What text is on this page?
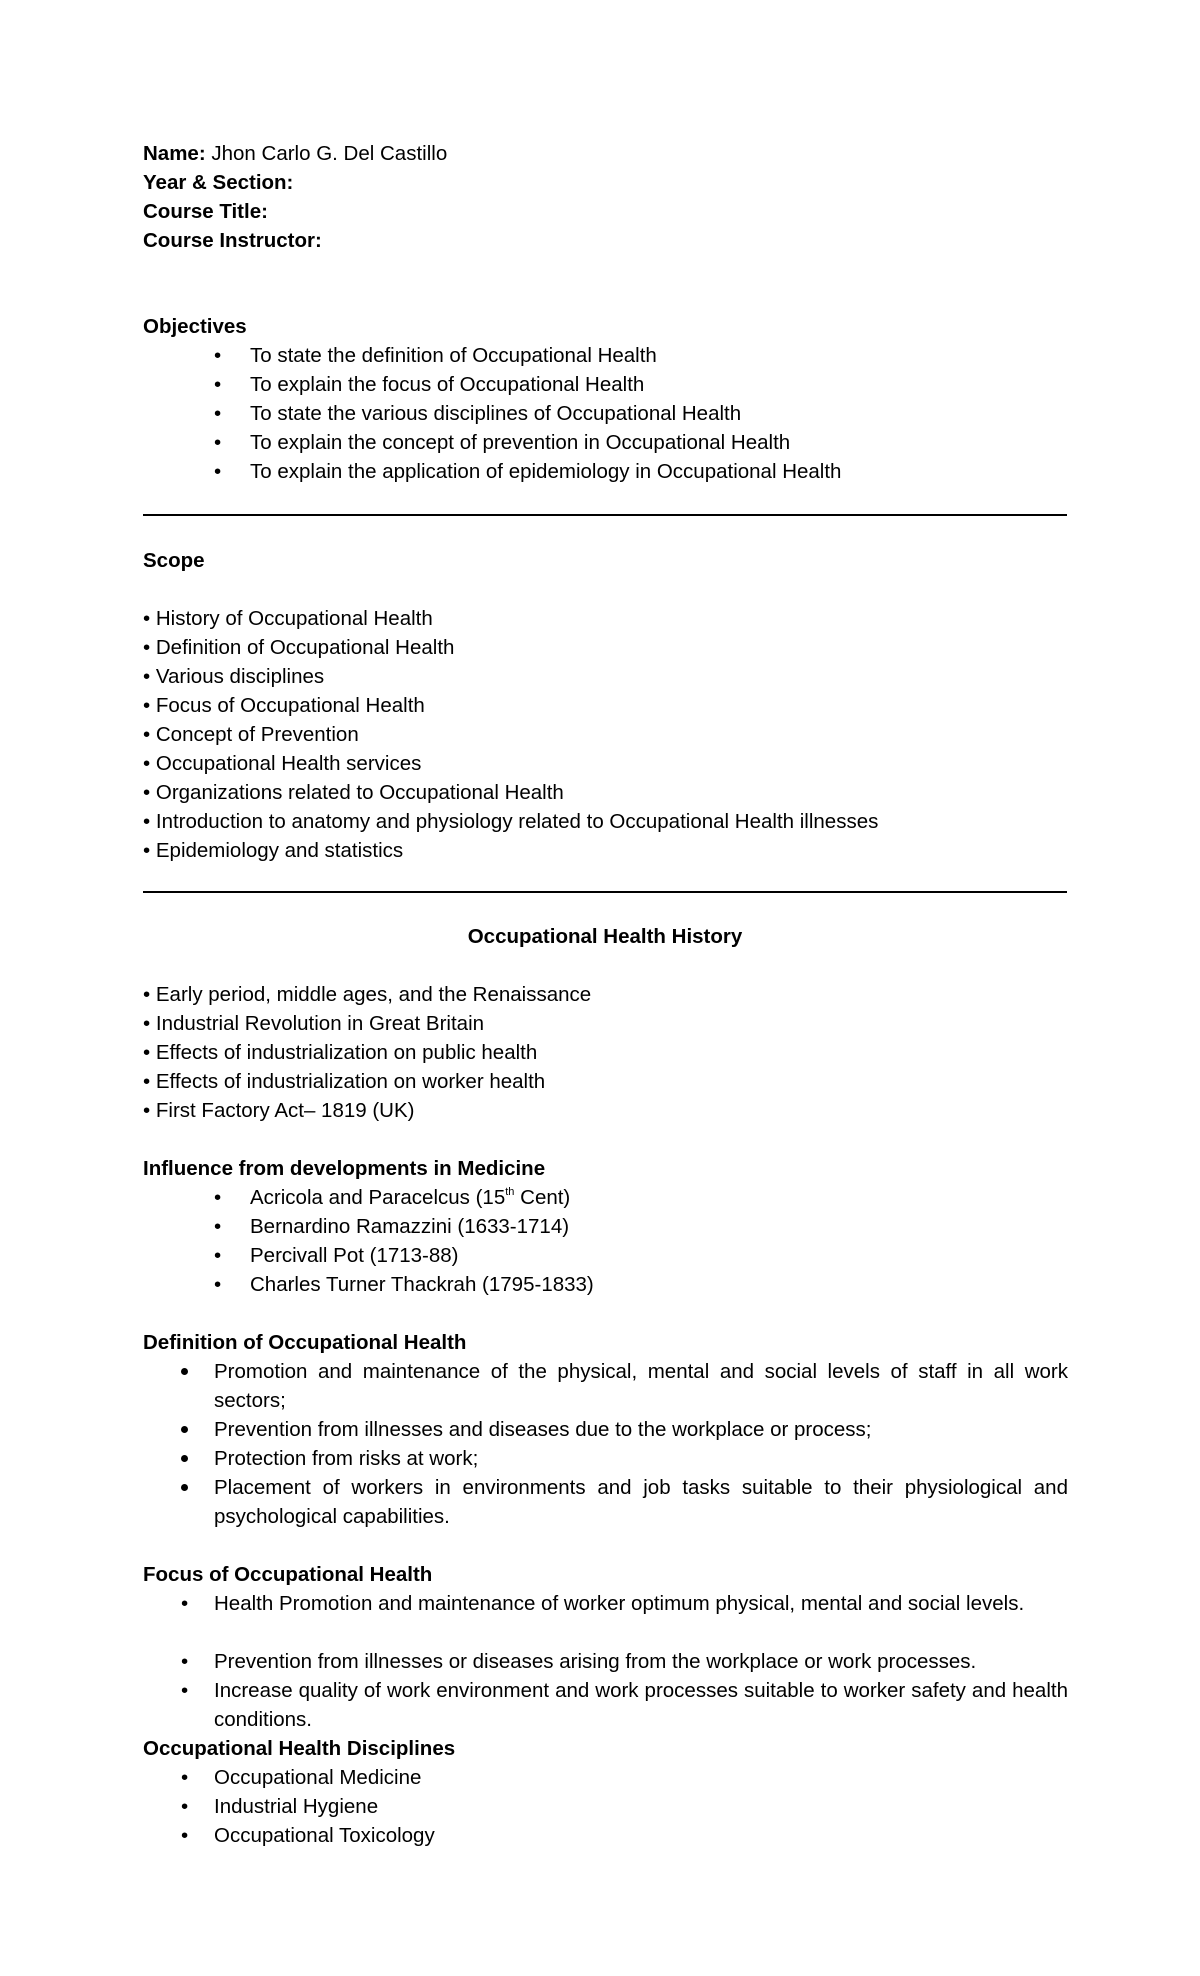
Name: Jhon Carlo G. Del Castillo
Year & Section:
Course Title:
Course Instructor:
Objectives
• To state the definition of Occupational Health
• To explain the focus of Occupational Health
• To state the various disciplines of Occupational Health
• To explain the concept of prevention in Occupational Health
• To explain the application of epidemiology in Occupational Health
Scope
• History of Occupational Health
• Definition of Occupational Health
• Various disciplines
• Focus of Occupational Health
• Concept of Prevention
• Occupational Health services
• Organizations related to Occupational Health
• Introduction to anatomy and physiology related to Occupational Health illnesses
• Epidemiology and statistics
Occupational Health History
• Early period, middle ages, and the Renaissance
• Industrial Revolution in Great Britain
• Effects of industrialization on public health
• Effects of industrialization on worker health
• First Factory Act– 1819 (UK)
Influence from developments in Medicine
• Acricola and Paracelcus (15th Cent)
• Bernardino Ramazzini (1633-1714)
• Percivall Pot (1713-88)
• Charles Turner Thackrah (1795-1833)
Definition of Occupational Health
Promotion and maintenance of the physical, mental and social levels of staff in all work sectors;
Prevention from illnesses and diseases due to the workplace or process;
Protection from risks at work;
Placement of workers in environments and job tasks suitable to their physiological and psychological capabilities.
Focus of Occupational Health
• Health Promotion and maintenance of worker optimum physical, mental and social levels.
• Prevention from illnesses or diseases arising from the workplace or work processes.
• Increase quality of work environment and work processes suitable to worker safety and health conditions.
Occupational Health Disciplines
• Occupational Medicine
• Industrial Hygiene
• Occupational Toxicology
